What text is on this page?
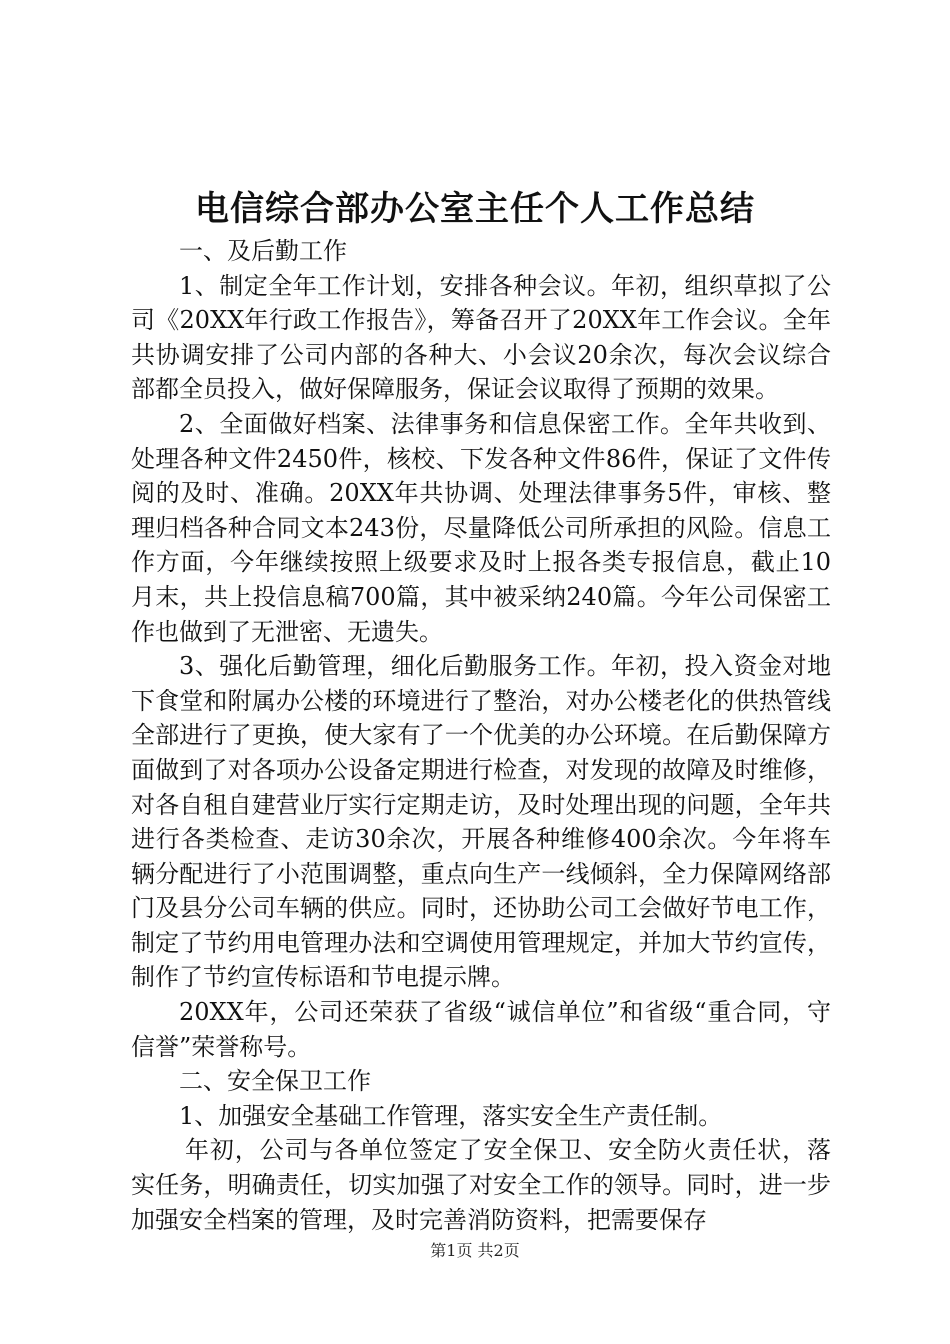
电信综合部办公室主任个人工作总结

一、及后勤工作

1、制定全年工作计划，安排各种会议。年初，组织草拟了公司《20XX年行政工作报告》，筹备召开了20XX年工作会议。全年共协调安排了公司内部的各种大、小会议20余次，每次会议综合部都全员投入，做好保障服务，保证会议取得了预期的效果。

2、全面做好档案、法律事务和信息保密工作。全年共收到、处理各种文件2450件，核校、下发各种文件86件，保证了文件传阅的及时、准确。20XX年共协调、处理法律事务5件，审核、整理归档各种合同文本243份，尽量降低公司所承担的风险。信息工作方面，今年继续按照上级要求及时上报各类专报信息，截止10月末，共上投信息稿700篇，其中被采纳240篇。今年公司保密工作也做到了无泄密、无遗失。

3、强化后勤管理，细化后勤服务工作。年初，投入资金对地下食堂和附属办公楼的环境进行了整治，对办公楼老化的供热管线全部进行了更换，使大家有了一个优美的办公环境。在后勤保障方面做到了对各项办公设备定期进行检查，对发现的故障及时维修，对各自租自建营业厅实行定期走访，及时处理出现的问题，全年共进行各类检查、走访30余次，开展各种维修400余次。今年将车辆分配进行了小范围调整，重点向生产一线倾斜，全力保障网络部门及县分公司车辆的供应。同时，还协助公司工会做好节电工作，制定了节约用电管理办法和空调使用管理规定，并加大节约宣传，制作了节约宣传标语和节电提示牌。

20XX年，公司还荣获了省级“诚信单位”和省级“重合同，守信誉”荣誉称号。

二、安全保卫工作

1、加强安全基础工作管理，落实安全生产责任制。

年初，公司与各单位签定了安全保卫、安全防火责任状，落实任务，明确责任，切实加强了对安全工作的领导。同时，进一步加强安全档案的管理，及时完善消防资料，把需要保存

第1页 共2页
